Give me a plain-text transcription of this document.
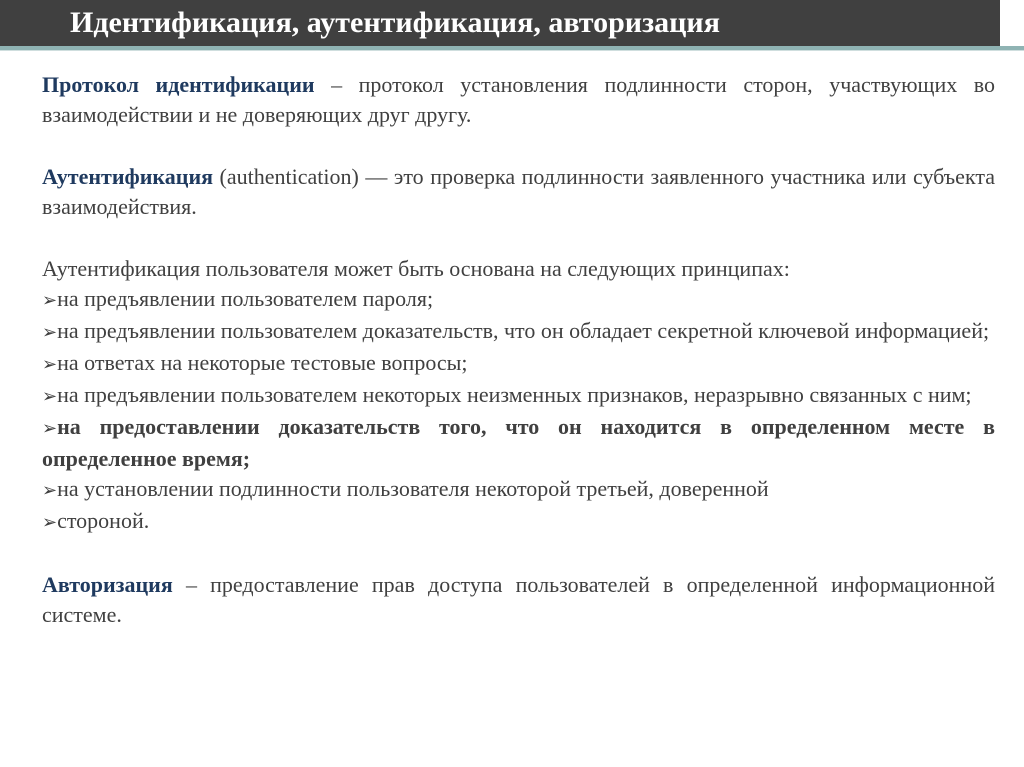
Идентификация, аутентификация, авторизация

Протокол идентификации – протокол установления подлинности сторон, участвующих во взаимодействии и не доверяющих друг другу.

Аутентификация (authentication) — это проверка подлинности заявленного участника или субъекта взаимодействия.

Аутентификация пользователя может быть основана на следующих принципах:

➢на предъявлении пользователем пароля;
➢на предъявлении пользователем доказательств, что он обладает секретной ключевой информацией;
➢на ответах на некоторые тестовые вопросы;
➢на предъявлении пользователем некоторых неизменных признаков, неразрывно связанных с ним;
➢на предоставлении доказательств того, что он находится в определенном месте в определенное время;
➢на установлении подлинности пользователя некоторой третьей, доверенной
➢стороной.

Авторизация – предоставление прав доступа пользователей в определенной информационной системе.
